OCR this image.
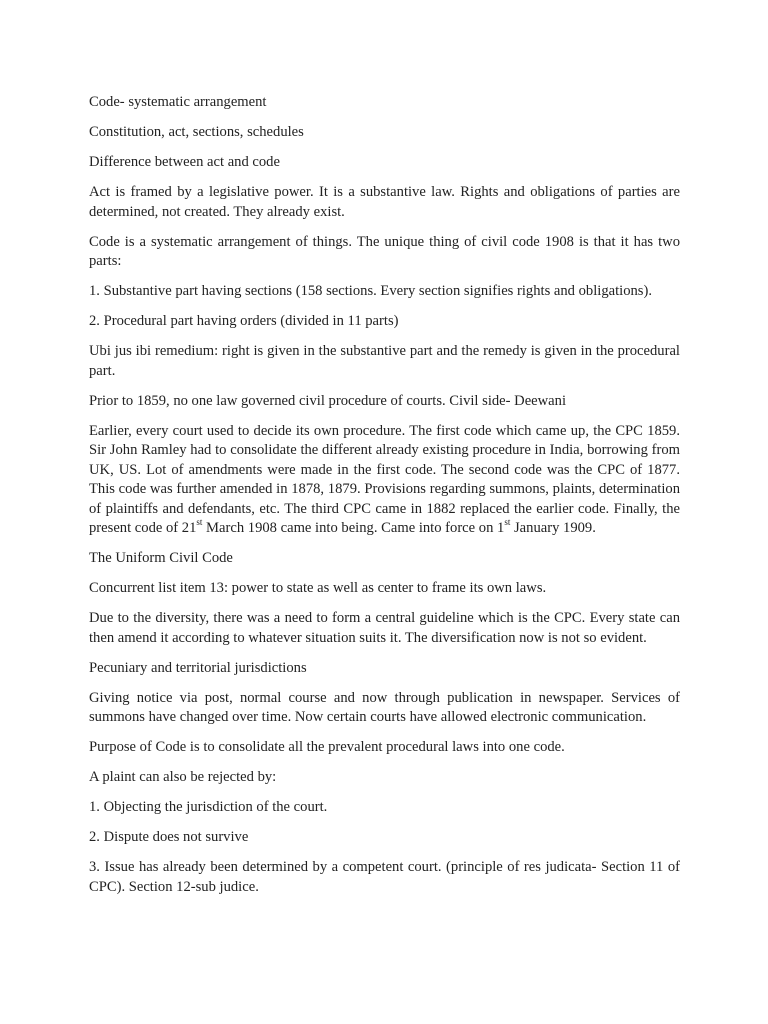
Code- systematic arrangement

Constitution, act, sections, schedules

Difference between act and code

Act is framed by a legislative power. It is a substantive law. Rights and obligations of parties are determined, not created. They already exist.

Code is a systematic arrangement of things. The unique thing of civil code 1908 is that it has two parts:

1. Substantive part having sections (158 sections. Every section signifies rights and obligations).

2. Procedural part having orders (divided in 11 parts)

Ubi jus ibi remedium: right is given in the substantive part and the remedy is given in the procedural part.

Prior to 1859, no one law governed civil procedure of courts. Civil side- Deewani

Earlier, every court used to decide its own procedure. The first code which came up, the CPC 1859. Sir John Ramley had to consolidate the different already existing procedure in India, borrowing from UK, US. Lot of amendments were made in the first code. The second code was the CPC of 1877. This code was further amended in 1878, 1879. Provisions regarding summons, plaints, determination of plaintiffs and defendants, etc. The third CPC came in 1882 replaced the earlier code. Finally, the present code of 21st March 1908 came into being. Came into force on 1st January 1909.

The Uniform Civil Code

Concurrent list item 13: power to state as well as center to frame its own laws.

Due to the diversity, there was a need to form a central guideline which is the CPC. Every state can then amend it according to whatever situation suits it. The diversification now is not so evident.

Pecuniary and territorial jurisdictions

Giving notice via post, normal course and now through publication in newspaper. Services of summons have changed over time. Now certain courts have allowed electronic communication.

Purpose of Code is to consolidate all the prevalent procedural laws into one code.

A plaint can also be rejected by:

1. Objecting the jurisdiction of the court.

2. Dispute does not survive

3. Issue has already been determined by a competent court. (principle of res judicata- Section 11 of CPC). Section 12-sub judice.
